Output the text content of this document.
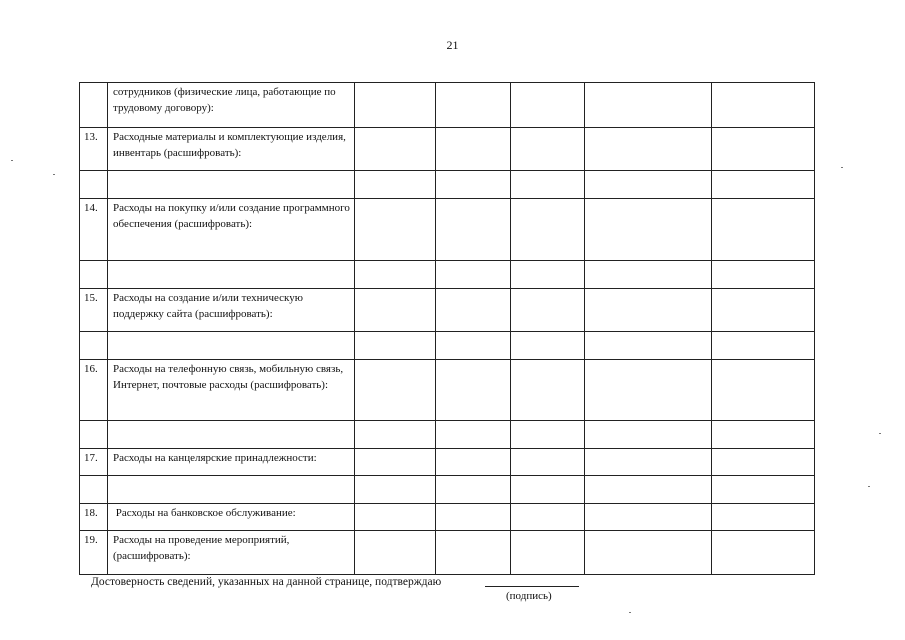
21
	сотрудников (физические лица, работающие по трудовому договору):					
13.	Расходные материалы и комплектующие изделия, инвентарь (расшифровать):					

14.	Расходы на покупку и/или создание программного обеспечения (расшифровать):					

15.	Расходы на создание и/или техническую поддержку сайта (расшифровать):					

16.	Расходы на телефонную связь, мобильную связь, Интернет, почтовые расходы (расшифровать):					

17.	Расходы на канцелярские принадлежности:					

18.	Расходы на банковское обслуживание:					
19.	Расходы на проведение мероприятий, (расшифровать):					
Достоверность сведений, указанных на данной странице, подтверждаю
(подпись)
